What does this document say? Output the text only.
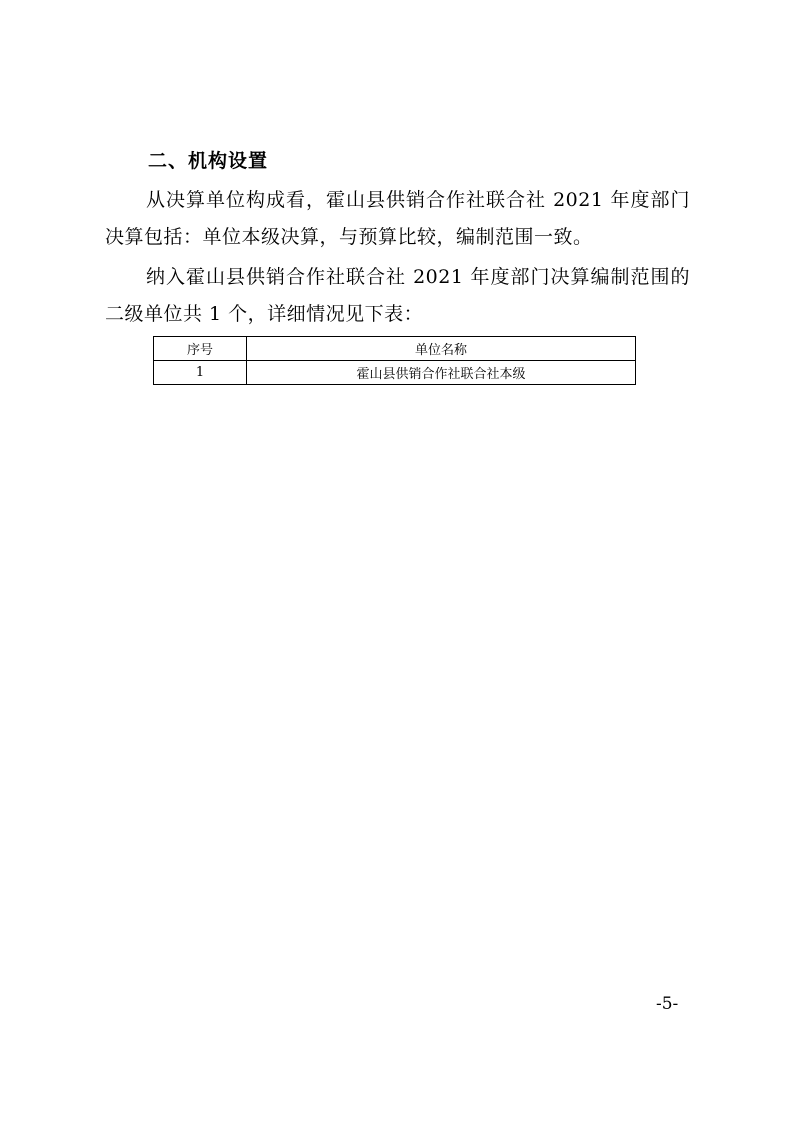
二、机构设置

从决算单位构成看，霍山县供销合作社联合社 2021 年度部门决算包括：单位本级决算，与预算比较，编制范围一致。

纳入霍山县供销合作社联合社 2021 年度部门决算编制范围的二级单位共 1 个，详细情况见下表：

序号	单位名称
1	霍山县供销合作社联合社本级
-5-
